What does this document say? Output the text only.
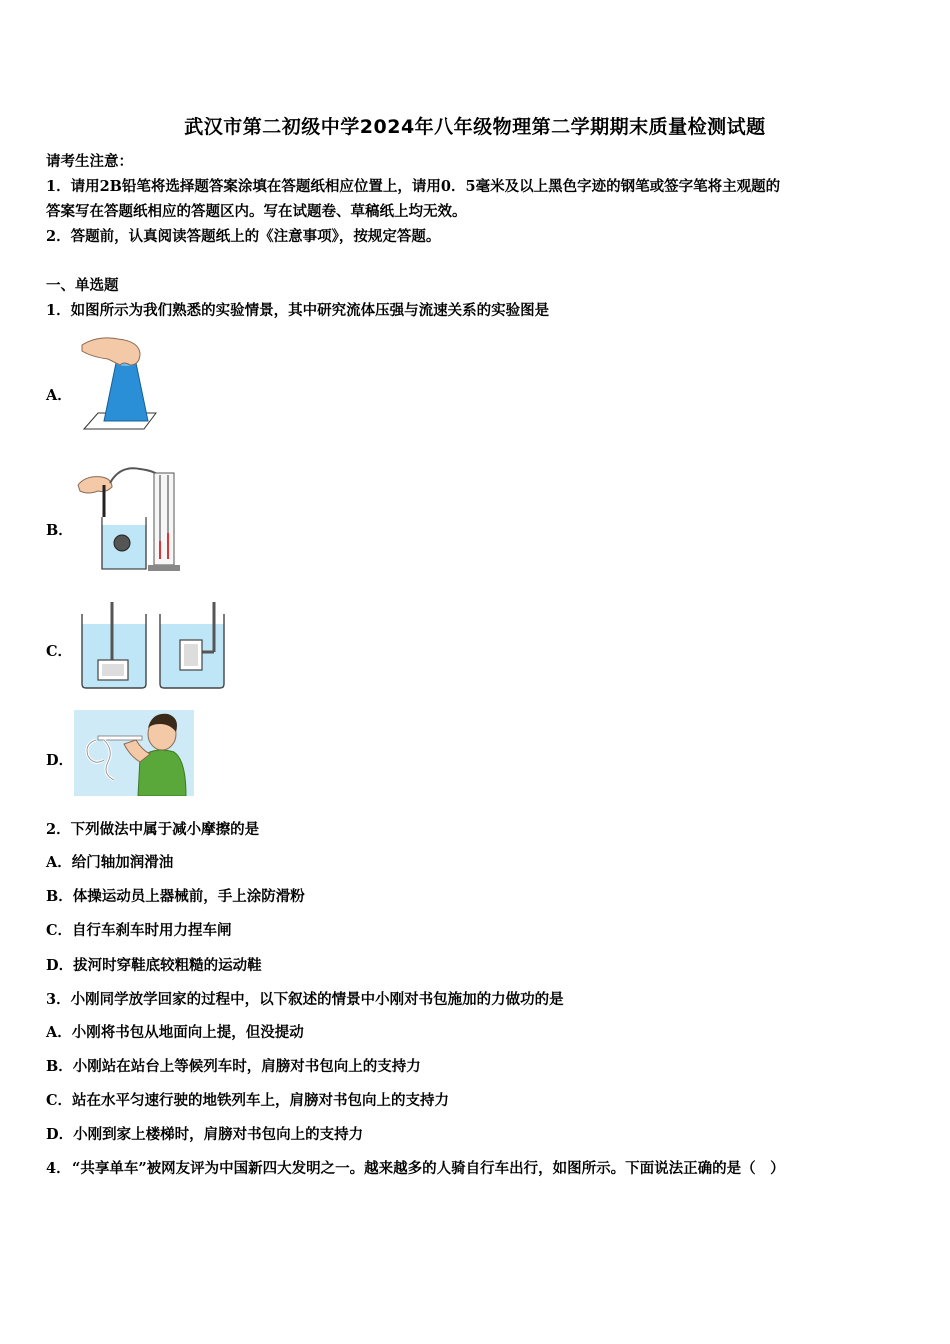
武汉市第二初级中学2024年八年级物理第二学期期末质量检测试题
请考生注意：
1．请用2B铅笔将选择题答案涂填在答题纸相应位置上，请用0．5毫米及以上黑色字迹的钢笔或签字笔将主观题的
答案写在答题纸相应的答题区内。写在试题卷、草稿纸上均无效。
2．答题前，认真阅读答题纸上的《注意事项》，按规定答题。
一、单选题
1．如图所示为我们熟悉的实验情景，其中研究流体压强与流速关系的实验图是
A．
B．
C．
D．
2．下列做法中属于减小摩擦的是
A．给门轴加润滑油
B．体操运动员上器械前，手上涂防滑粉
C．自行车刹车时用力捏车闸
D．拔河时穿鞋底较粗糙的运动鞋
3．小刚同学放学回家的过程中，以下叙述的情景中小刚对书包施加的力做功的是
A．小刚将书包从地面向上提，但没提动
B．小刚站在站台上等候列车时，肩膀对书包向上的支持力
C．站在水平匀速行驶的地铁列车上，肩膀对书包向上的支持力
D．小刚到家上楼梯时，肩膀对书包向上的支持力
4． “共享单车”被网友评为中国新四大发明之一。越来越多的人骑自行车出行，如图所示。下面说法正确的是（　）
